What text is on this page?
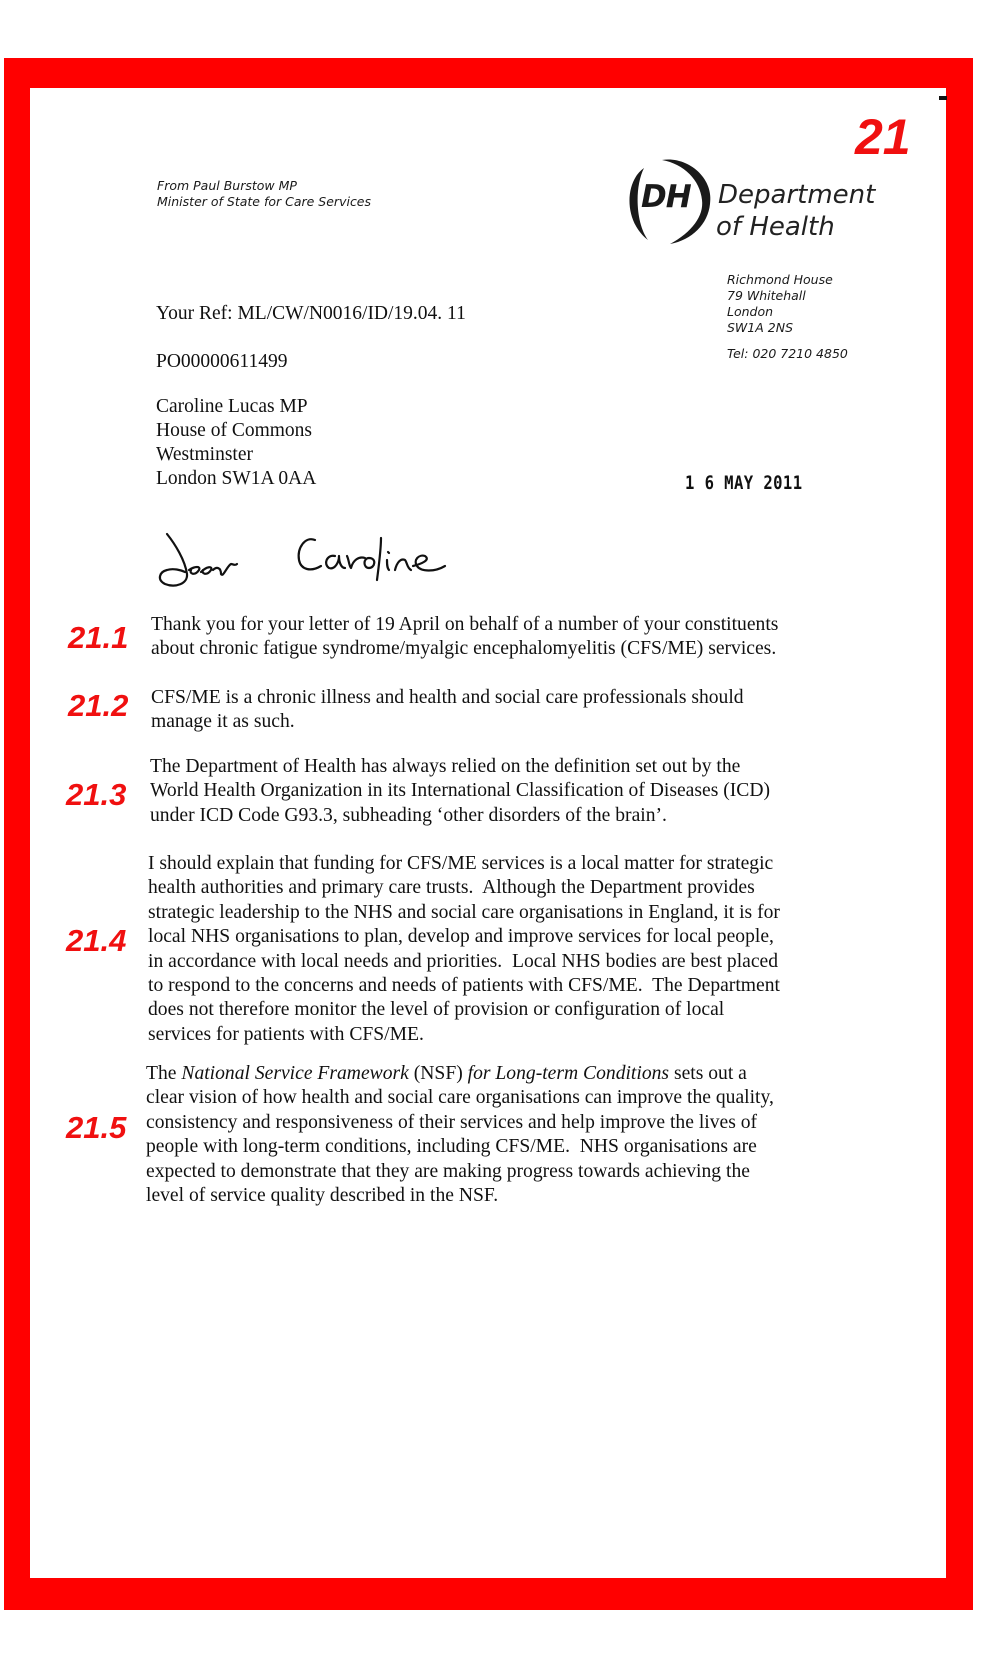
21
From Paul Burstow MP
Minister of State for Care Services	DH Department
of Health
Richmond House
79 Whitehall
London
SW1A 2NS
Tel: 020 7210 4850
Your Ref: ML/CW/N0016/ID/19.04. 11
PO00000611499
Caroline Lucas MP
House of Commons
Westminster
London SW1A 0AA	1 6 MAY 2011
21.1 Thank you for your letter of 19 April on behalf of a number of your constituents
about chronic fatigue syndrome/myalgic encephalomyelitis (CFS/ME) services.
21.2 CFS/ME is a chronic illness and health and social care professionals should
manage it as such.
21.3
The Department of Health has always relied on the definition set out by the
World Health Organization in its International Classification of Diseases (ICD)
under ICD Code G93.3, subheading ‘other disorders of the brain’.
21.4
I should explain that funding for CFS/ME services is a local matter for strategic
health authorities and primary care trusts.  Although the Department provides
strategic leadership to the NHS and social care organisations in England, it is for
local NHS organisations to plan, develop and improve services for local people,
in accordance with local needs and priorities.  Local NHS bodies are best placed
to respond to the concerns and needs of patients with CFS/ME.  The Department
does not therefore monitor the level of provision or configuration of local
services for patients with CFS/ME.
21.5
The National Service Framework (NSF) for Long-term Conditions sets out a
clear vision of how health and social care organisations can improve the quality,
consistency and responsiveness of their services and help improve the lives of
people with long-term conditions, including CFS/ME.  NHS organisations are
expected to demonstrate that they are making progress towards achieving the
level of service quality described in the NSF.
